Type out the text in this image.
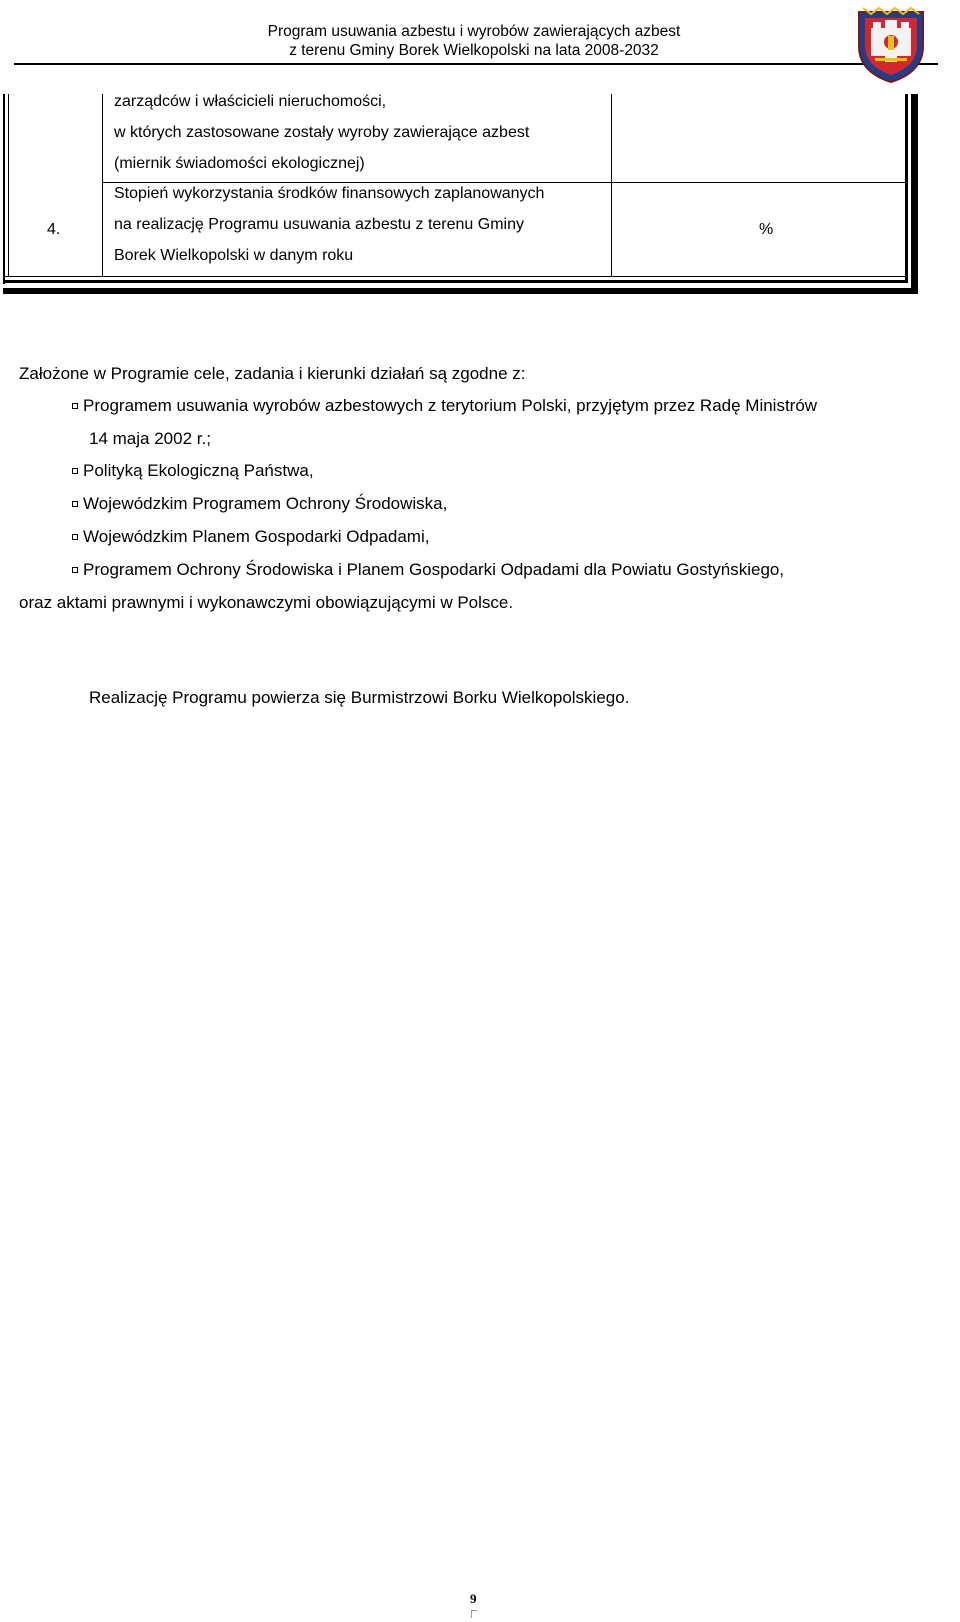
Program usuwania azbestu i wyrobów zawierających azbest
z terenu Gminy Borek Wielkopolski na lata 2008-2032
zarządców i właścicieli nieruchomości,
w których zastosowane zostały wyroby zawierające azbest
(miernik świadomości ekologicznej)
4.
Stopień wykorzystania środków finansowych zaplanowanych
na realizację Programu usuwania azbestu z terenu Gminy
Borek Wielkopolski w danym roku
%
Założone w Programie cele, zadania i kierunki działań są zgodne z:
Programem usuwania wyrobów azbestowych z terytorium Polski, przyjętym przez Radę Ministrów
14 maja 2002 r.;
Polityką Ekologiczną Państwa,
Wojewódzkim Programem Ochrony Środowiska,
Wojewódzkim Planem Gospodarki Odpadami,
Programem Ochrony Środowiska i Planem Gospodarki Odpadami dla Powiatu Gostyńskiego,
oraz aktami prawnymi i wykonawczymi obowiązującymi w Polsce.
Realizację Programu powierza się Burmistrzowi Borku Wielkopolskiego.
9
